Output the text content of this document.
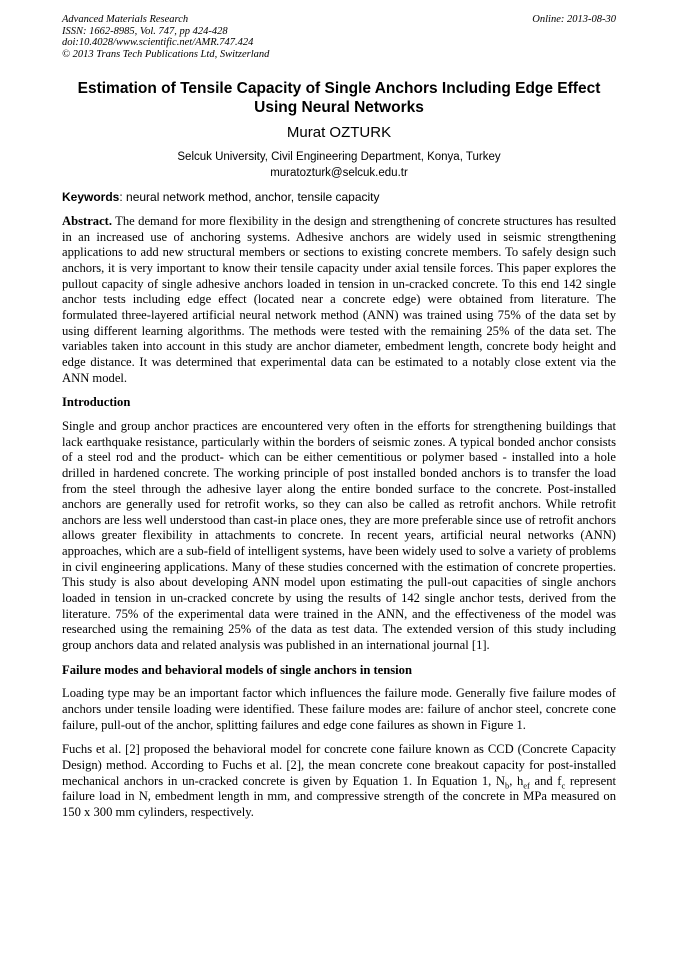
Advanced Materials Research
ISSN: 1662-8985, Vol. 747, pp 424-428
doi:10.4028/www.scientific.net/AMR.747.424
© 2013 Trans Tech Publications Ltd, Switzerland
Online: 2013-08-30
Estimation of Tensile Capacity of Single Anchors Including Edge Effect Using Neural Networks
Murat OZTURK
Selcuk University, Civil Engineering Department, Konya, Turkey
muratozturk@selcuk.edu.tr
Keywords: neural network method, anchor, tensile capacity

Abstract. The demand for more flexibility in the design and strengthening of concrete structures has resulted in an increased use of anchoring systems. Adhesive anchors are widely used in seismic strengthening applications to add new structural members or sections to existing concrete members. To safely design such anchors, it is very important to know their tensile capacity under axial tensile forces. This paper explores the pullout capacity of single adhesive anchors loaded in tension in un-cracked concrete. To this end 142 single anchor tests including edge effect (located near a concrete edge) were obtained from literature. The formulated three-layered artificial neural network method (ANN) was trained using 75% of the data set by using different learning algorithms. The methods were tested with the remaining 25% of the data set. The variables taken into account in this study are anchor diameter, embedment length, concrete body height and edge distance. It was determined that experimental data can be estimated to a notably close extent via the ANN model.

Introduction

Single and group anchor practices are encountered very often in the efforts for strengthening buildings that lack earthquake resistance, particularly within the borders of seismic zones. A typical bonded anchor consists of a steel rod and the product- which can be either cementitious or polymer based - installed into a hole drilled in hardened concrete. The working principle of post installed bonded anchors is to transfer the load from the steel through the adhesive layer along the entire bonded surface to the concrete. Post-installed anchors are generally used for retrofit works, so they can also be called as retrofit anchors. While retrofit anchors are less well understood than cast-in place ones, they are more preferable since use of retrofit anchors allows greater flexibility in attachments to concrete. In recent years, artificial neural networks (ANN) approaches, which are a sub-field of intelligent systems, have been widely used to solve a variety of problems in civil engineering applications. Many of these studies concerned with the estimation of concrete properties. This study is also about developing ANN model upon estimating the pull-out capacities of single anchors loaded in tension in un-cracked concrete by using the results of 142 single anchor tests, derived from the literature. 75% of the experimental data were trained in the ANN, and the effectiveness of the model was researched using the remaining 25% of the data as test data. The extended version of this study including group anchors data and related analysis was published in an international journal [1].

Failure modes and behavioral models of single anchors in tension

Loading type may be an important factor which influences the failure mode. Generally five failure modes of anchors under tensile loading were identified. These failure modes are: failure of anchor steel, concrete cone failure, pull-out of the anchor, splitting failures and edge cone failures as shown in Figure 1.

Fuchs et al. [2] proposed the behavioral model for concrete cone failure known as CCD (Concrete Capacity Design) method. According to Fuchs et al. [2], the mean concrete cone breakout capacity for post-installed mechanical anchors in un-cracked concrete is given by Equation 1. In Equation 1, $N_b$, $h_{ef}$ and $f_c$ represent failure load in N, embedment length in mm, and compressive strength of the concrete in MPa measured on 150 x 300 mm cylinders, respectively.
